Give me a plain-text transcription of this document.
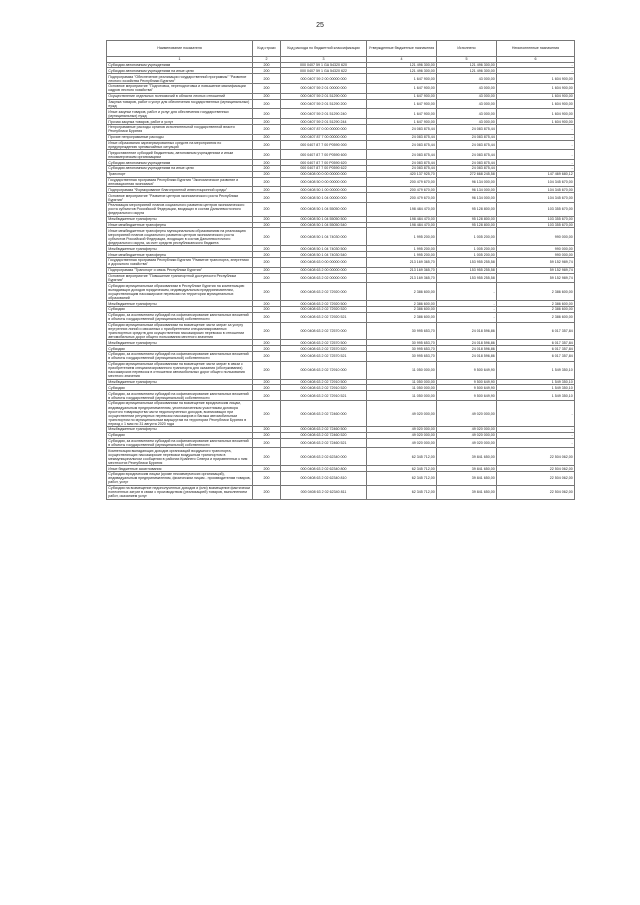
25
Наименование показателя	Код строки	Код расхода по бюджетной классификации	Утвержденные бюджетные назначения	Исполнено	Неисполненные назначения
1	2	3	4	5	6
Субсидии автономным учреждениям	200	000 0407 59 1 GA 54320 620	121 496 300,00	121 496 300,00	-
Субсидии автономным учреждениям на иные цели	200	000 0407 59 1 GA 54320 622	121 496 300,00	121 496 300,00	-
Подпрограмма "Обеспечение реализации государственной программы" "Развитие лесного хозяйства Республики Бурятия"	200	000 0407 59 2 00 00000 000	1 647 900,00	43 000,00	1 604 900,00
Основное мероприятие "Подготовка, переподготовка и повышение квалификации кадров лесного хозяйства"	200	000 0407 59 2 01 00000 000	1 647 900,00	43 000,00	1 604 900,00
Осуществление отдельных полномочий в области лесных отношений	200	000 0407 59 2 01 51290 000	1 647 900,00	43 000,00	1 604 900,00
Закупка товаров, работ и услуг для обеспечения государственных (муниципальных) нужд	200	000 0407 59 2 01 51290 200	1 647 900,00	43 000,00	1 604 900,00
Иные закупки товаров, работ и услуг для обеспечения государственных (муниципальных) нужд	200	000 0407 59 2 01 51290 240	1 647 900,00	43 000,00	1 604 900,00
Прочая закупка товаров, работ и услуг	200	000 0407 59 2 01 51290 244	1 647 900,00	43 000,00	1 604 900,00
Непрограммные расходы органов исполнительной государственной власти Республики Бурятия	200	000 0407 87 0 00 00000 000	24 083 875,44	24 083 875,44	-
Прочие непрограммные расходы	200	000 0407 87 7 00 00000 000	24 083 875,44	24 083 875,44	-
Иные образования зарезервированных средств на мероприятия по предупреждению чрезвычайных ситуаций	200	000 0407 87 7 00 P0590 000	24 083 875,44	24 083 875,44	-
Предоставление субсидий бюджетным, автономным учреждениям и иным некоммерческим организациям	200	000 0407 87 7 00 P0590 600	24 083 875,44	24 083 875,44	-
Субсидии автономным учреждениям	200	000 0407 87 7 00 P0590 620	24 083 875,44	24 083 875,44	-
Субсидии автономным учреждениям на иные цели	200	000 0407 87 7 00 P0590 622	24 083 875,44	24 083 875,44	-
Транспорт	200	000 0408 00 0 00 00000 000	420 137 925,70	272 668 245,58	147 469 680,12
Государственная программа Республики Бурятия "Экономическое развитие и инновационная экономика"	200	000 0408 50 0 00 00000 000	200 479 670,00	96 134 000,00	104 345 670,00
Подпрограмма "Формирование благоприятной инвестиционной среды"	200	000 0408 50 1 00 00000 000	200 479 670,00	96 134 000,00	104 345 670,00
Основное мероприятие "Развитие центров экономического роста Республики Бурятия"	200	000 0408 50 1 04 00000 000	200 479 670,00	96 134 000,00	104 345 670,00
Реализация мероприятий планов социального развития центров экономического роста субъектов Российской Федерации, входящих в состав Дальневосточного федерального округа	200	000 0408 50 1 04 55050 000	198 484 470,00	95 128 800,00	103 355 670,00
Межбюджетные трансферты	200	000 0408 50 1 04 55050 500	198 484 470,00	95 128 800,00	103 355 670,00
Иные межбюджетные трансферты	200	000 0408 50 1 04 55050 540	198 484 470,00	95 128 800,00	103 355 670,00
Иные межбюджетные трансферты муниципальным образованиям на реализацию мероприятий планов социального развития центров экономического роста субъектов Российской Федерации, входящих в состав Дальневосточного федерального округа, за счет средств республиканского бюджета	200	000 0408 50 1 04 74030 000	1 995 200,00	1 005 200,00	990 000,00
Межбюджетные трансферты	200	000 0408 50 1 04 74030 500	1 995 200,00	1 005 200,00	990 000,00
Иные межбюджетные трансферты	200	000 0408 50 1 04 74030 540	1 995 200,00	1 005 200,00	990 000,00
Государственная программа Республики Бурятия "Развитие транспорта, энергетики и дорожного хозяйства"	200	000 0408 63 0 00 00000 000	213 169 365,70	153 955 255,58	59 152 989,74
Подпрограмма "Транспорт и связь Республики Бурятия"	200	000 0408 63 2 00 00000 000	213 169 365,70	153 955 255,58	59 152 989,74
Основное мероприятие "Повышение транспортной доступности Республики Бурятия"	200	000 0408 63 2 02 00000 000	213 169 365,70	153 955 255,58	59 152 989,74
Субсидии муниципальным образованиям в Республике Бурятия на компенсацию выпадающих доходов юридическим, индивидуальным предпринимателям, осуществляющим пассажирские перевозки на территории муниципальных образований	200	000 0408 63 2 02 72920 000	2 386 600,00	-	2 386 600,00
Межбюджетные трансферты	200	000 0408 63 2 02 72920 500	2 386 600,00	-	2 386 600,00
Субсидии	200	000 0408 63 2 02 72920 520	2 386 600,00	-	2 386 600,00
Субсидии, за исключением субсидий на софинансирование капитальных вложений в объекты государственной (муниципальной) собственности	200	000 0408 63 2 02 72920 521	2 386 600,00	-	2 386 600,00
Субсидии муниципальным образованиям на возмещение части затрат за услугу внутренних линий и связанных с приобретением специализированных транспортных средств для осуществления пассажирских перевозок в отношении автомобильных дорог общего пользования местного значения	200	000 0408 63 2 02 72570 000	30 995 653,70	24 018 596,86	6 017 357,84
Межбюджетные трансферты	200	000 0408 63 2 02 72570 500	30 995 653,70	24 018 596,86	6 017 357,84
Субсидии	200	000 0408 63 2 02 72570 520	30 995 653,70	24 018 596,86	6 017 357,84
Субсидии, за исключением субсидий на софинансирование капитальных вложений в объекты государственной (муниципальной) собственности	200	000 0408 63 2 02 72570 521	30 995 653,70	24 018 596,86	6 017 357,84
Субсидии муниципальным образованиям на возмещение части затрат в связи с приобретением специализированного транспорта для оказания (обслуживания) пассажирских перевозок в отношении автомобильных дорог общего пользования местного значения	200	000 0408 63 2 02 72910 000	11 050 000,00	9 500 649,90	1 549 350,10
Межбюджетные трансферты	200	000 0408 63 2 02 72910 500	11 050 000,00	9 500 649,90	1 549 350,10
Субсидии	200	000 0408 63 2 02 72910 520	11 050 000,00	9 500 649,90	1 549 350,10
Субсидии, за исключением субсидий на софинансирование капитальных вложений в объекты государственной (муниципальной) собственности	200	000 0408 63 2 02 72910 521	11 050 000,00	9 500 649,90	1 549 350,10
Субсидии муниципальным образованиям на возмещение юридическим лицам, индивидуальным предпринимателям, уполномоченным участникам договора простого товарищества части недополученных доходов, возникающих при осуществлении регулярных перевозок пассажиров и багажа автомобильным транспортом по муниципальным маршрутам на территории Республики Бурятия в период с 1 мая по 31 августа 2020 года	200	000 0408 63 2 02 72460 000	49 020 000,00	49 020 000,00	-
Межбюджетные трансферты	200	000 0408 63 2 02 72460 500	49 020 000,00	49 020 000,00	-
Субсидии	200	000 0408 63 2 02 72460 520	49 020 000,00	49 020 000,00	-
Субсидии, за исключением субсидий на софинансирование капитальных вложений в объекты государственной (муниципальной) собственности	200	000 0408 63 2 02 72460 521	49 020 000,00	49 020 000,00	-
Компенсация выпадающих доходов организаций воздушного транспорта, осуществляющих пассажирские перевозки воздушным транспортом в межмуниципальном сообщении в районах Крайнего Севера и приравненных к ним местностях Республики Бурятия	200	000 0408 63 2 02 62340 000	62 345 712,00	39 841 650,00	22 504 062,00
Иные бюджетные ассигнования	200	000 0408 63 2 02 62340 800	62 345 712,00	39 841 650,00	22 504 062,00
Субсидии юридическим лицам (кроме некоммерческих организаций), индивидуальным предпринимателям, физическим лицам - производителям товаров, работ, услуг	200	000 0408 63 2 02 62340 810	62 345 712,00	39 841 650,00	22 504 062,00
Субсидии на возмещение недополученных доходов и (или) возмещение фактически понесенных затрат в связи с производством (реализацией) товаров, выполнением работ, оказанием услуг	200	000 0408 63 2 02 62340 811	62 345 712,00	39 841 650,00	22 504 062,00
